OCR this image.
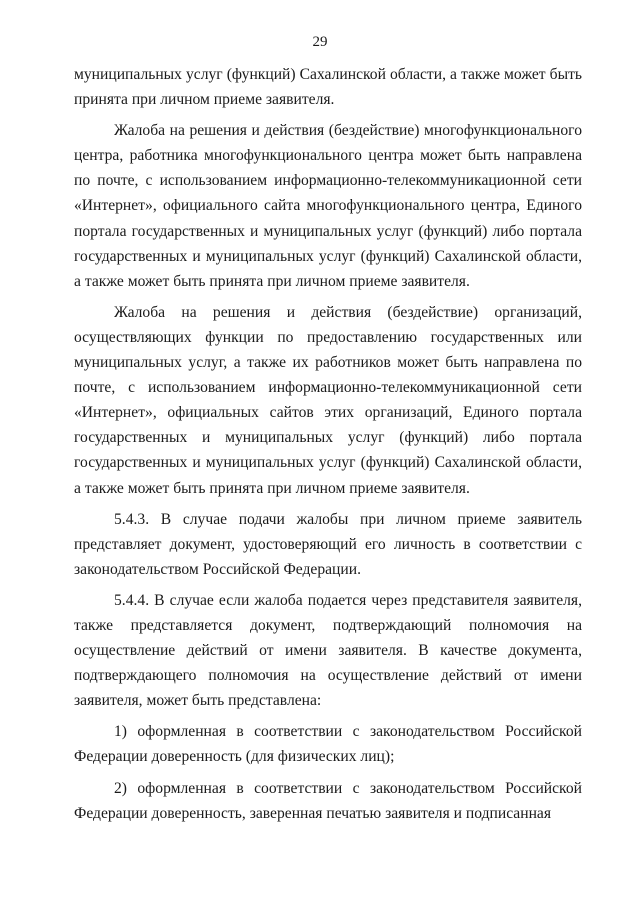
29

муниципальных услуг (функций) Сахалинской области, а также может быть принята при личном приеме заявителя.

Жалоба на решения и действия (бездействие) многофункционального центра, работника многофункционального центра может быть направлена по почте, с использованием информационно-телекоммуникационной сети «Интернет», официального сайта многофункционального центра, Единого портала государственных и муниципальных услуг (функций) либо портала государственных и муниципальных услуг (функций) Сахалинской области, а также может быть принята при личном приеме заявителя.

Жалоба на решения и действия (бездействие) организаций, осуществляющих функции по предоставлению государственных или муниципальных услуг, а также их работников может быть направлена по почте, с использованием информационно-телекоммуникационной сети «Интернет», официальных сайтов этих организаций, Единого портала государственных и муниципальных услуг (функций) либо портала государственных и муниципальных услуг (функций) Сахалинской области, а также может быть принята при личном приеме заявителя.

5.4.3. В случае подачи жалобы при личном приеме заявитель представляет документ, удостоверяющий его личность в соответствии с законодательством Российской Федерации.

5.4.4. В случае если жалоба подается через представителя заявителя, также представляется документ, подтверждающий полномочия на осуществление действий от имени заявителя. В качестве документа, подтверждающего полномочия на осуществление действий от имени заявителя, может быть представлена:

1) оформленная в соответствии с законодательством Российской Федерации доверенность (для физических лиц);

2) оформленная в соответствии с законодательством Российской Федерации доверенность, заверенная печатью заявителя и подписанная
